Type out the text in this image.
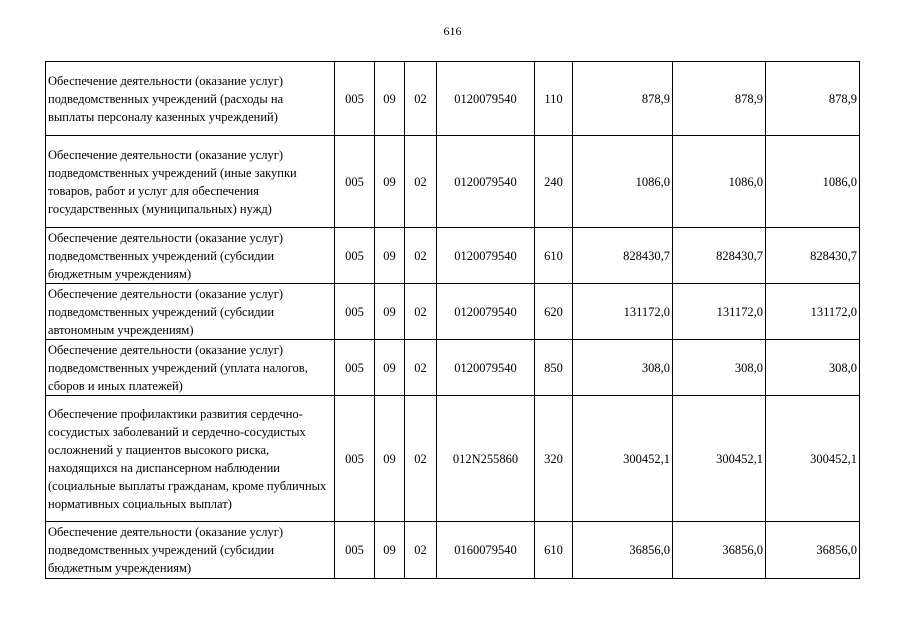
616
Обеспечение деятельности (оказание услуг) подведомственных учреждений (расходы на выплаты персоналу казенных учреждений)	005	09	02	0120079540	110	878,9	878,9	878,9
Обеспечение деятельности (оказание услуг) подведомственных учреждений (иные закупки товаров, работ и услуг для обеспечения государственных (муниципальных) нужд)	005	09	02	0120079540	240	1086,0	1086,0	1086,0
Обеспечение деятельности (оказание услуг) подведомственных учреждений (субсидии бюджетным учреждениям)	005	09	02	0120079540	610	828430,7	828430,7	828430,7
Обеспечение деятельности (оказание услуг) подведомственных учреждений (субсидии автономным учреждениям)	005	09	02	0120079540	620	131172,0	131172,0	131172,0
Обеспечение деятельности (оказание услуг) подведомственных учреждений (уплата налогов, сборов и иных платежей)	005	09	02	0120079540	850	308,0	308,0	308,0
Обеспечение профилактики развития сердечно-сосудистых заболеваний и сердечно-сосудистых осложнений у пациентов высокого риска, находящихся на диспансерном наблюдении (социальные выплаты гражданам, кроме публичных нормативных социальных выплат)	005	09	02	012N255860	320	300452,1	300452,1	300452,1
Обеспечение деятельности (оказание услуг) подведомственных учреждений (субсидии бюджетным учреждениям)	005	09	02	0160079540	610	36856,0	36856,0	36856,0
